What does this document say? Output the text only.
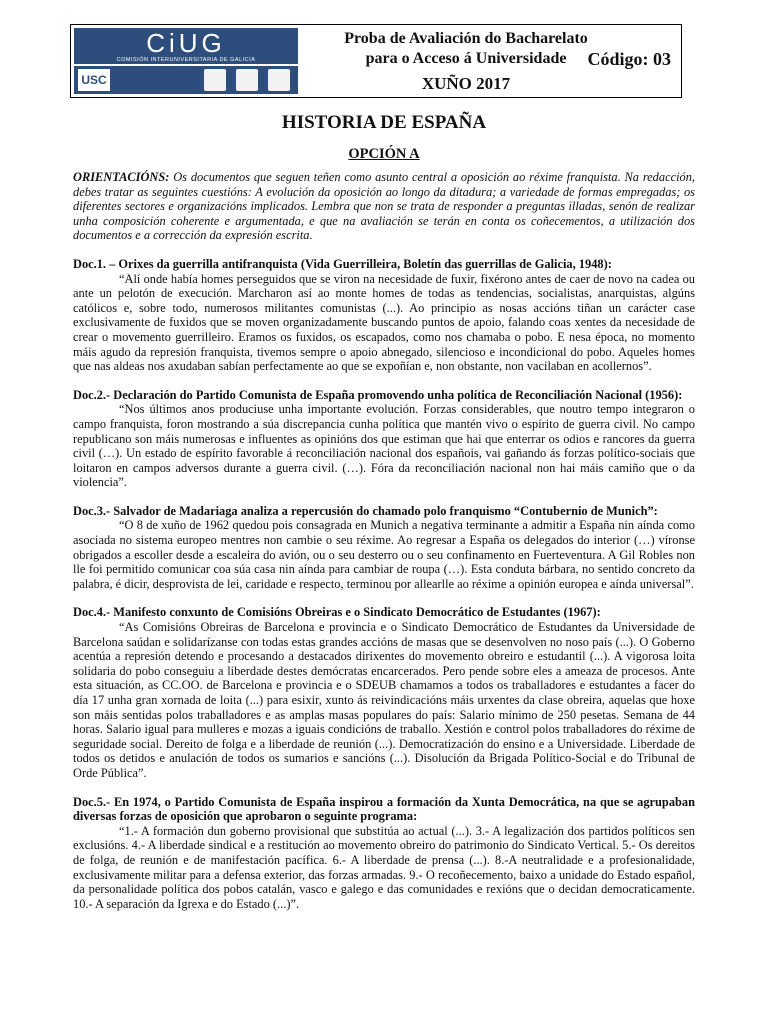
CiUG
COMISIÓN INTERUNIVERSITARIA DE GALICIA
USC
Proba de Avaliación do Bacharelato
para o Acceso á Universidade
XUÑO 2017
Código: 03
HISTORIA DE ESPAÑA
OPCIÓN A

ORIENTACIÓNS: Os documentos que seguen teñen como asunto central a oposición ao réxime franquista. Na redacción, debes tratar as seguintes cuestións: A evolución da oposición ao longo da ditadura; a variedade de formas empregadas; os diferentes sectores e organizacións implicados. Lembra que non se trata de responder a preguntas illadas, senón de realizar unha composición coherente e argumentada, e que na avaliación se terán en conta os coñecementos, a utilización dos documentos e a corrección da expresión escrita.

Doc.1. – Orixes da guerrilla antifranquista (Vida Guerrilleira, Boletín das guerrillas de Galicia, 1948):

“Alí onde había homes perseguidos que se viron na necesidade de fuxir, fixérono antes de caer de novo na cadea ou ante un pelotón de execución. Marcharon así ao monte homes de todas as tendencias, socialistas, anarquistas, algúns católicos e, sobre todo, numerosos militantes comunistas (...). Ao principio as nosas accións tiñan un carácter case exclusivamente de fuxidos que se moven organizadamente buscando puntos de apoio, falando coas xentes da necesidade de crear o movemento guerrilleiro. Eramos os fuxidos, os escapados, como nos chamaba o pobo. E nesa época, no momento máis agudo da represión franquista, tivemos sempre o apoio abnegado, silencioso e incondicional do pobo. Aqueles homes que nas aldeas nos axudaban sabían perfectamente ao que se expoñían e, non obstante, non vacilaban en acollernos”.

Doc.2.- Declaración do Partido Comunista de España promovendo unha política de Reconciliación Nacional (1956):

“Nos últimos anos produciuse unha importante evolución. Forzas considerables, que noutro tempo integraron o campo franquista, foron mostrando a súa discrepancia cunha política que mantén vivo o espírito de guerra civil. No campo republicano son máis numerosas e influentes as opinións dos que estiman que hai que enterrar os odios e rancores da guerra civil (…). Un estado de espírito favorable á reconciliación nacional dos españois, vai gañando ás forzas político-sociais que loitaron en campos adversos durante a guerra civil. (…). Fóra da reconciliación nacional non hai máis camiño que o da violencia”.

Doc.3.- Salvador de Madariaga analiza a repercusión do chamado polo franquismo “Contubernio de Munich”:

“O 8 de xuño de 1962 quedou pois consagrada en Munich a negativa terminante a admitir a España nin aínda como asociada no sistema europeo mentres non cambie o seu réxime. Ao regresar a España os delegados do interior (…) víronse obrigados a escoller desde a escaleira do avión, ou o seu desterro ou o seu confinamento en Fuerteventura. A Gil Robles non lle foi permitido comunicar coa súa casa nin aínda para cambiar de roupa (…). Esta conduta bárbara, no sentido concreto da palabra, é dicir, desprovista de lei, caridade e respecto, terminou por allearlle ao réxime a opinión europea e aínda universal”.

Doc.4.- Manifesto conxunto de Comisións Obreiras e o Sindicato Democrático de Estudantes (1967):

“As Comisións Obreiras de Barcelona e provincia e o Sindicato Democrático de Estudantes da Universidade de Barcelona saúdan e solidarízanse con todas estas grandes accións de masas que se desenvolven no noso país (...). O Goberno acentúa a represión detendo e procesando a destacados dirixentes do movemento obreiro e estudantil (...). A vigorosa loita solidaria do pobo conseguiu a liberdade destes demócratas encarcerados. Pero pende sobre eles a ameaza de procesos. Ante esta situación, as CC.OO. de Barcelona e provincia e o SDEUB chamamos a todos os traballadores e estudantes a facer do día 17 unha gran xornada de loita (...) para esixir, xunto ás reivindicacións máis urxentes da clase obreira, aquelas que hoxe son máis sentidas polos traballadores e as amplas masas populares do país: Salario mínimo de 250 pesetas. Semana de 44 horas. Salario igual para mulleres e mozas a iguais condicións de traballo. Xestión e control polos traballadores do réxime de seguridade social. Dereito de folga e a liberdade de reunión (...). Democratización do ensino e a Universidade. Liberdade de todos os detidos e anulación de todos os sumarios e sancións (...). Disolución da Brigada Político-Social e do Tribunal de Orde Pública”.

Doc.5.- En 1974, o Partido Comunista de España inspirou a formación da Xunta Democrática, na que se agrupaban diversas forzas de oposición que aprobaron o seguinte programa:

“1.- A formación dun goberno provisional que substitúa ao actual (...). 3.- A legalización dos partidos políticos sen exclusións. 4.- A liberdade sindical e a restitución ao movemento obreiro do patrimonio do Sindicato Vertical. 5.- Os dereitos de folga, de reunión e de manifestación pacífica. 6.- A liberdade de prensa (...). 8.-A neutralidade e a profesionalidade, exclusivamente militar para a defensa exterior, das forzas armadas. 9.- O recoñecemento, baixo a unidade do Estado español, da personalidade política dos pobos catalán, vasco e galego e das comunidades e rexións que o decidan democraticamente. 10.- A separación da Igrexa e do Estado (...)”.
